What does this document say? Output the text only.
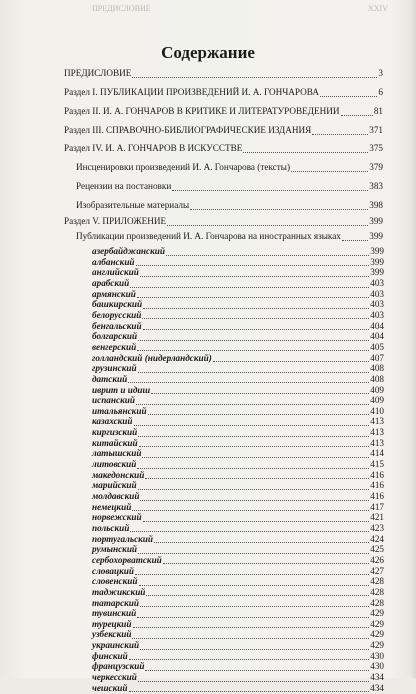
ПРЕДИСЛОВИЕ	XXIV
Содержание
ПРЕДИСЛОВИЕ	3
Раздел I. ПУБЛИКАЦИИ ПРОИЗВЕДЕНИЙ И. А. ГОНЧАРОВА	6
Раздел II. И. А. ГОНЧАРОВ В КРИТИКЕ И ЛИТЕРАТУРОВЕДЕНИИ	81
Раздел III. СПРАВОЧНО-БИБЛИОГРАФИЧЕСКИЕ ИЗДАНИЯ	371
Раздел IV. И. А. ГОНЧАРОВ В ИСКУССТВЕ	375
Инсценировки произведений И. А. Гончарова (тексты)	379
Рецензии на постановки	383
Изобразительные материалы	398
Раздел V. ПРИЛОЖЕНИЕ	399
Публикации произведений И. А. Гончарова на иностранных языках	399
азербайджанский	399
албанский	399
английский	399
арабский	403
армянский	403
башкирский	403
белорусский	403
бенгальский	404
болгарский	404
венгерский	405
голландский (нидерландский)	407
грузинский	408
датский	408
иврит и идиш	409
испанский	409
итальянский	410
казахский	413
киргизский	413
китайский	413
латышский	414
литовский	415
македонский	416
марийский	416
молдавский	416
немецкий	417
норвежский	421
польский	423
португальский	424
румынский	425
сербохорватский	426
словацкий	427
словенский	428
таджикский	428
татарский	428
тувинский	429
турецкий	429
узбекский	429
украинский	429
финский	430
французский	430
черкесский	434
чешский	434
